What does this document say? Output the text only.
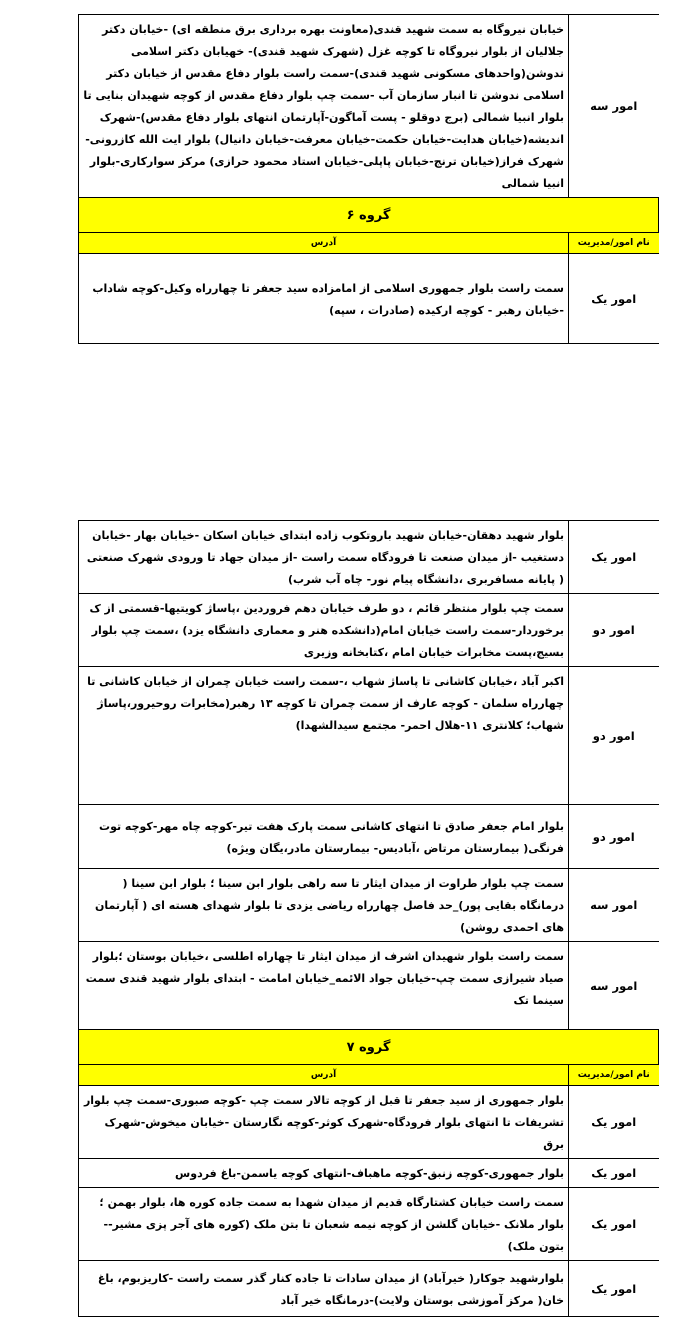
امور سه	خیابان نیروگاه به سمت شهید قندی(معاونت بهره برداری برق منطقه ای) -خیابان دکتر جلالیان از بلوار نیروگاه تا کوچه غزل (شهرک شهید قندی)- خهیابان دکتر اسلامی ندوشن(واحدهای مسکونی شهید قندی)-سمت راست بلوار دفاع مقدس از خیابان دکتر اسلامی ندوشن تا انبار سازمان آب -سمت چپ بلوار دفاع مقدس از کوچه شهیدان بنایی تا بلوار انبیا شمالی (برج دوقلو - پست آماگون-آپارتمان انتهای بلوار دفاع مقدس)-شهرک اندیشه(خیابان هدایت-خیابان حکمت-خیابان معرفت-خیابان دانیال) بلوار ایت الله کازرونی- شهرک فراز(خیابان ترنج-خیابان پاپلی-خیابان استاد محمود حرازی) مرکز سوارکاری-بلوار انبیا شمالی
گروه ۶	
نام امور/مدیریت	آدرس
امور یک	سمت راست بلوار جمهوری اسلامی از امامزاده سید جعفر تا چهارراه وکیل-کوچه شاداب -خیابان رهبر - کوچه ارکیده (صادرات ، سپه)
امور یک	بلوار شهید دهقان-خیابان شهید باروتکوب زاده ابتدای خیابان اسکان -خیابان بهار -خیابان دستغیب -از میدان صنعت تا فرودگاه سمت راست -از میدان جهاد تا ورودی شهرک صنعتی ( پایانه مسافربری ،دانشگاه پیام نور- چاه آب شرب)
امور دو	سمت چپ بلوار منتظر قائم ، دو طرف خیابان دهم فروردین ،پاساژ کویتیها-قسمتی از ک برخوردار-سمت راست خیابان امام(دانشکده هنر و معماری دانشگاه یزد) ،سمت چپ بلوار بسیج،پست مخابرات خیابان امام ،کتابخانه وزیری
امور دو	اکبر آباد ،خیابان کاشانی تا پاساژ شهاب ،-سمت راست خیابان چمران از خیابان کاشانی تا چهارراه سلمان - کوچه عارف از سمت چمران تا کوچه ۱۳ رهبر(مخابرات روحیرور،پاساژ شهاب؛ کلانتری ۱۱-هلال احمر- مجتمع سیدالشهدا)
امور دو	بلوار امام جعفر صادق تا انتهای کاشانی سمت پارک هفت تیر-کوچه چاه مهر-کوچه توت فرنگی( بیمارستان مرتاض ،آبادیس- بیمارستان مادر،یگان ویژه)
امور سه	سمت چپ بلوار طراوت از میدان ایثار تا سه راهی بلوار ابن سینا ؛ بلوار ابن سینا ( درمانگاه بقایی پور)_حد فاصل چهارراه ریاضی یزدی تا بلوار شهدای هسته ای ( آپارتمان های احمدی روشن)
امور سه	سمت راست بلوار شهیدان اشرف از میدان ایثار تا چهاراه اطلسی ،خیابان بوستان ؛بلوار صیاد شیرازی سمت چپ-خیابان جواد الائمه_خیابان امامت - ابتدای بلوار شهید قندی سمت سینما تک
گروه ۷	
نام امور/مدیریت	آدرس
امور یک	بلوار جمهوری از سید جعفر تا قبل از کوچه تالار سمت چپ -کوچه صبوری-سمت چپ بلوار تشریفات تا انتهای بلوار فرودگاه-شهرک کوثر-کوچه نگارستان -خیابان میخوش-شهرک برق
امور یک	بلوار جمهوری-کوچه زنبق-کوچه ماهباف-انتهای کوچه یاسمن-باغ فردوس
امور یک	سمت راست خیابان کشتارگاه قدیم از میدان شهدا به سمت جاده کوره ها، بلوار بهمن ؛بلوار ملانک -خیابان گلشن از کوچه نیمه شعبان تا بتن ملک (کوره های آجر پزی مشیر--بتون ملک)
امور یک	بلوارشهید جوکار( خیرآباد) از میدان سادات تا جاده کنار گذر سمت راست -کاریزبوم، باغ خان( مرکز آموزشی بوستان ولایت)-درمانگاه خیر آباد
